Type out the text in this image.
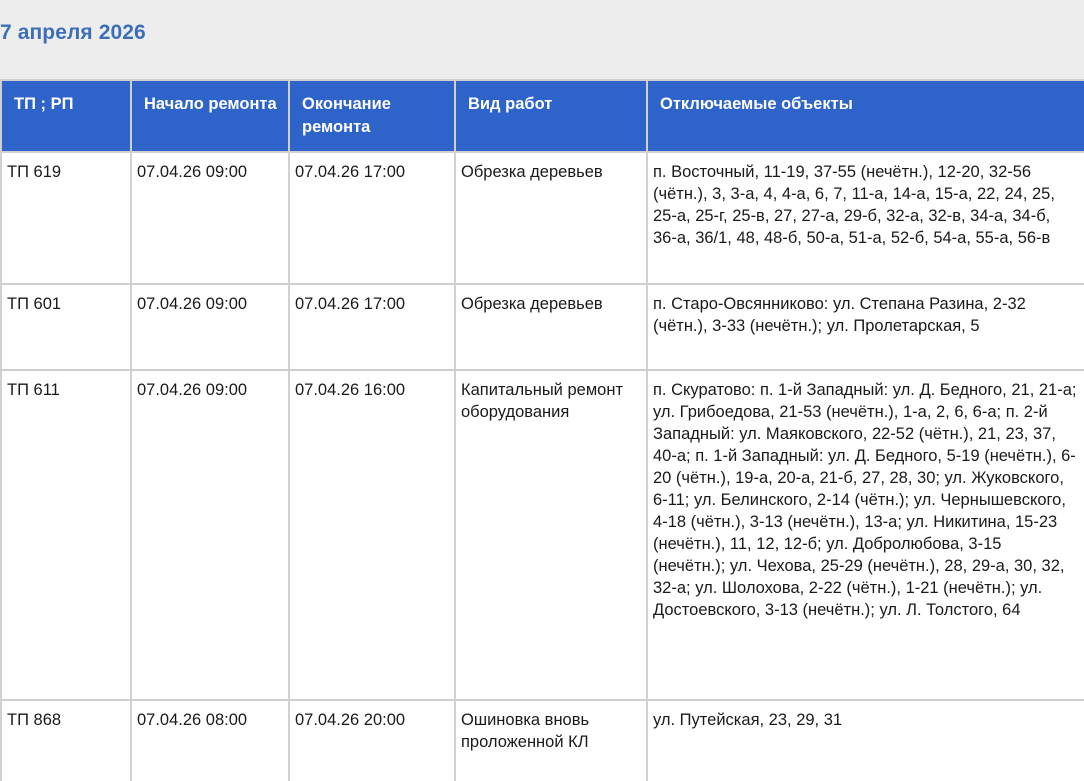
7 апреля 2026
ТП ; РП	Начало ремонта	Окончание ремонта	Вид работ	Отключаемые объекты
ТП 619	07.04.26 09:00	07.04.26 17:00	Обрезка деревьев	п. Восточный, 11-19, 37-55 (нечётн.), 12-20, 32-56 (чётн.), 3, 3-а, 4, 4-а, 6, 7, 11-а, 14-а, 15-а, 22, 24, 25, 25-а, 25-г, 25-в, 27, 27-а, 29-б, 32-а, 32-в, 34-а, 34-б, 36-а, 36/1, 48, 48-б, 50-а, 51-а, 52-б, 54-а, 55-а, 56-в
ТП 601	07.04.26 09:00	07.04.26 17:00	Обрезка деревьев	п. Старо-Овсянниково: ул. Степана Разина, 2-32 (чётн.), 3-33 (нечётн.); ул. Пролетарская, 5
ТП 611	07.04.26 09:00	07.04.26 16:00	Капитальный ремонт оборудования	п. Скуратово: п. 1-й Западный: ул. Д. Бедного, 21, 21-а; ул. Грибоедова, 21-53 (нечётн.), 1-а, 2, 6, 6-а; п. 2-й Западный: ул. Маяковского, 22-52 (чётн.), 21, 23, 37, 40-а; п. 1-й Западный: ул. Д. Бедного, 5-19 (нечётн.), 6-20 (чётн.), 19-а, 20-а, 21-б, 27, 28, 30; ул. Жуковского, 6-11; ул. Белинского, 2-14 (чётн.); ул. Чернышевского, 4-18 (чётн.), 3-13 (нечётн.), 13-а; ул. Никитина, 15-23 (нечётн.), 11, 12, 12-б; ул. Добролюбова, 3-15 (нечётн.); ул. Чехова, 25-29 (нечётн.), 28, 29-а, 30, 32, 32-а; ул. Шолохова, 2-22 (чётн.), 1-21 (нечётн.); ул. Достоевского, 3-13 (нечётн.); ул. Л. Толстого, 64
ТП 868	07.04.26 08:00	07.04.26 20:00	Ошиновка вновь проложенной КЛ	ул. Путейская, 23, 29, 31
